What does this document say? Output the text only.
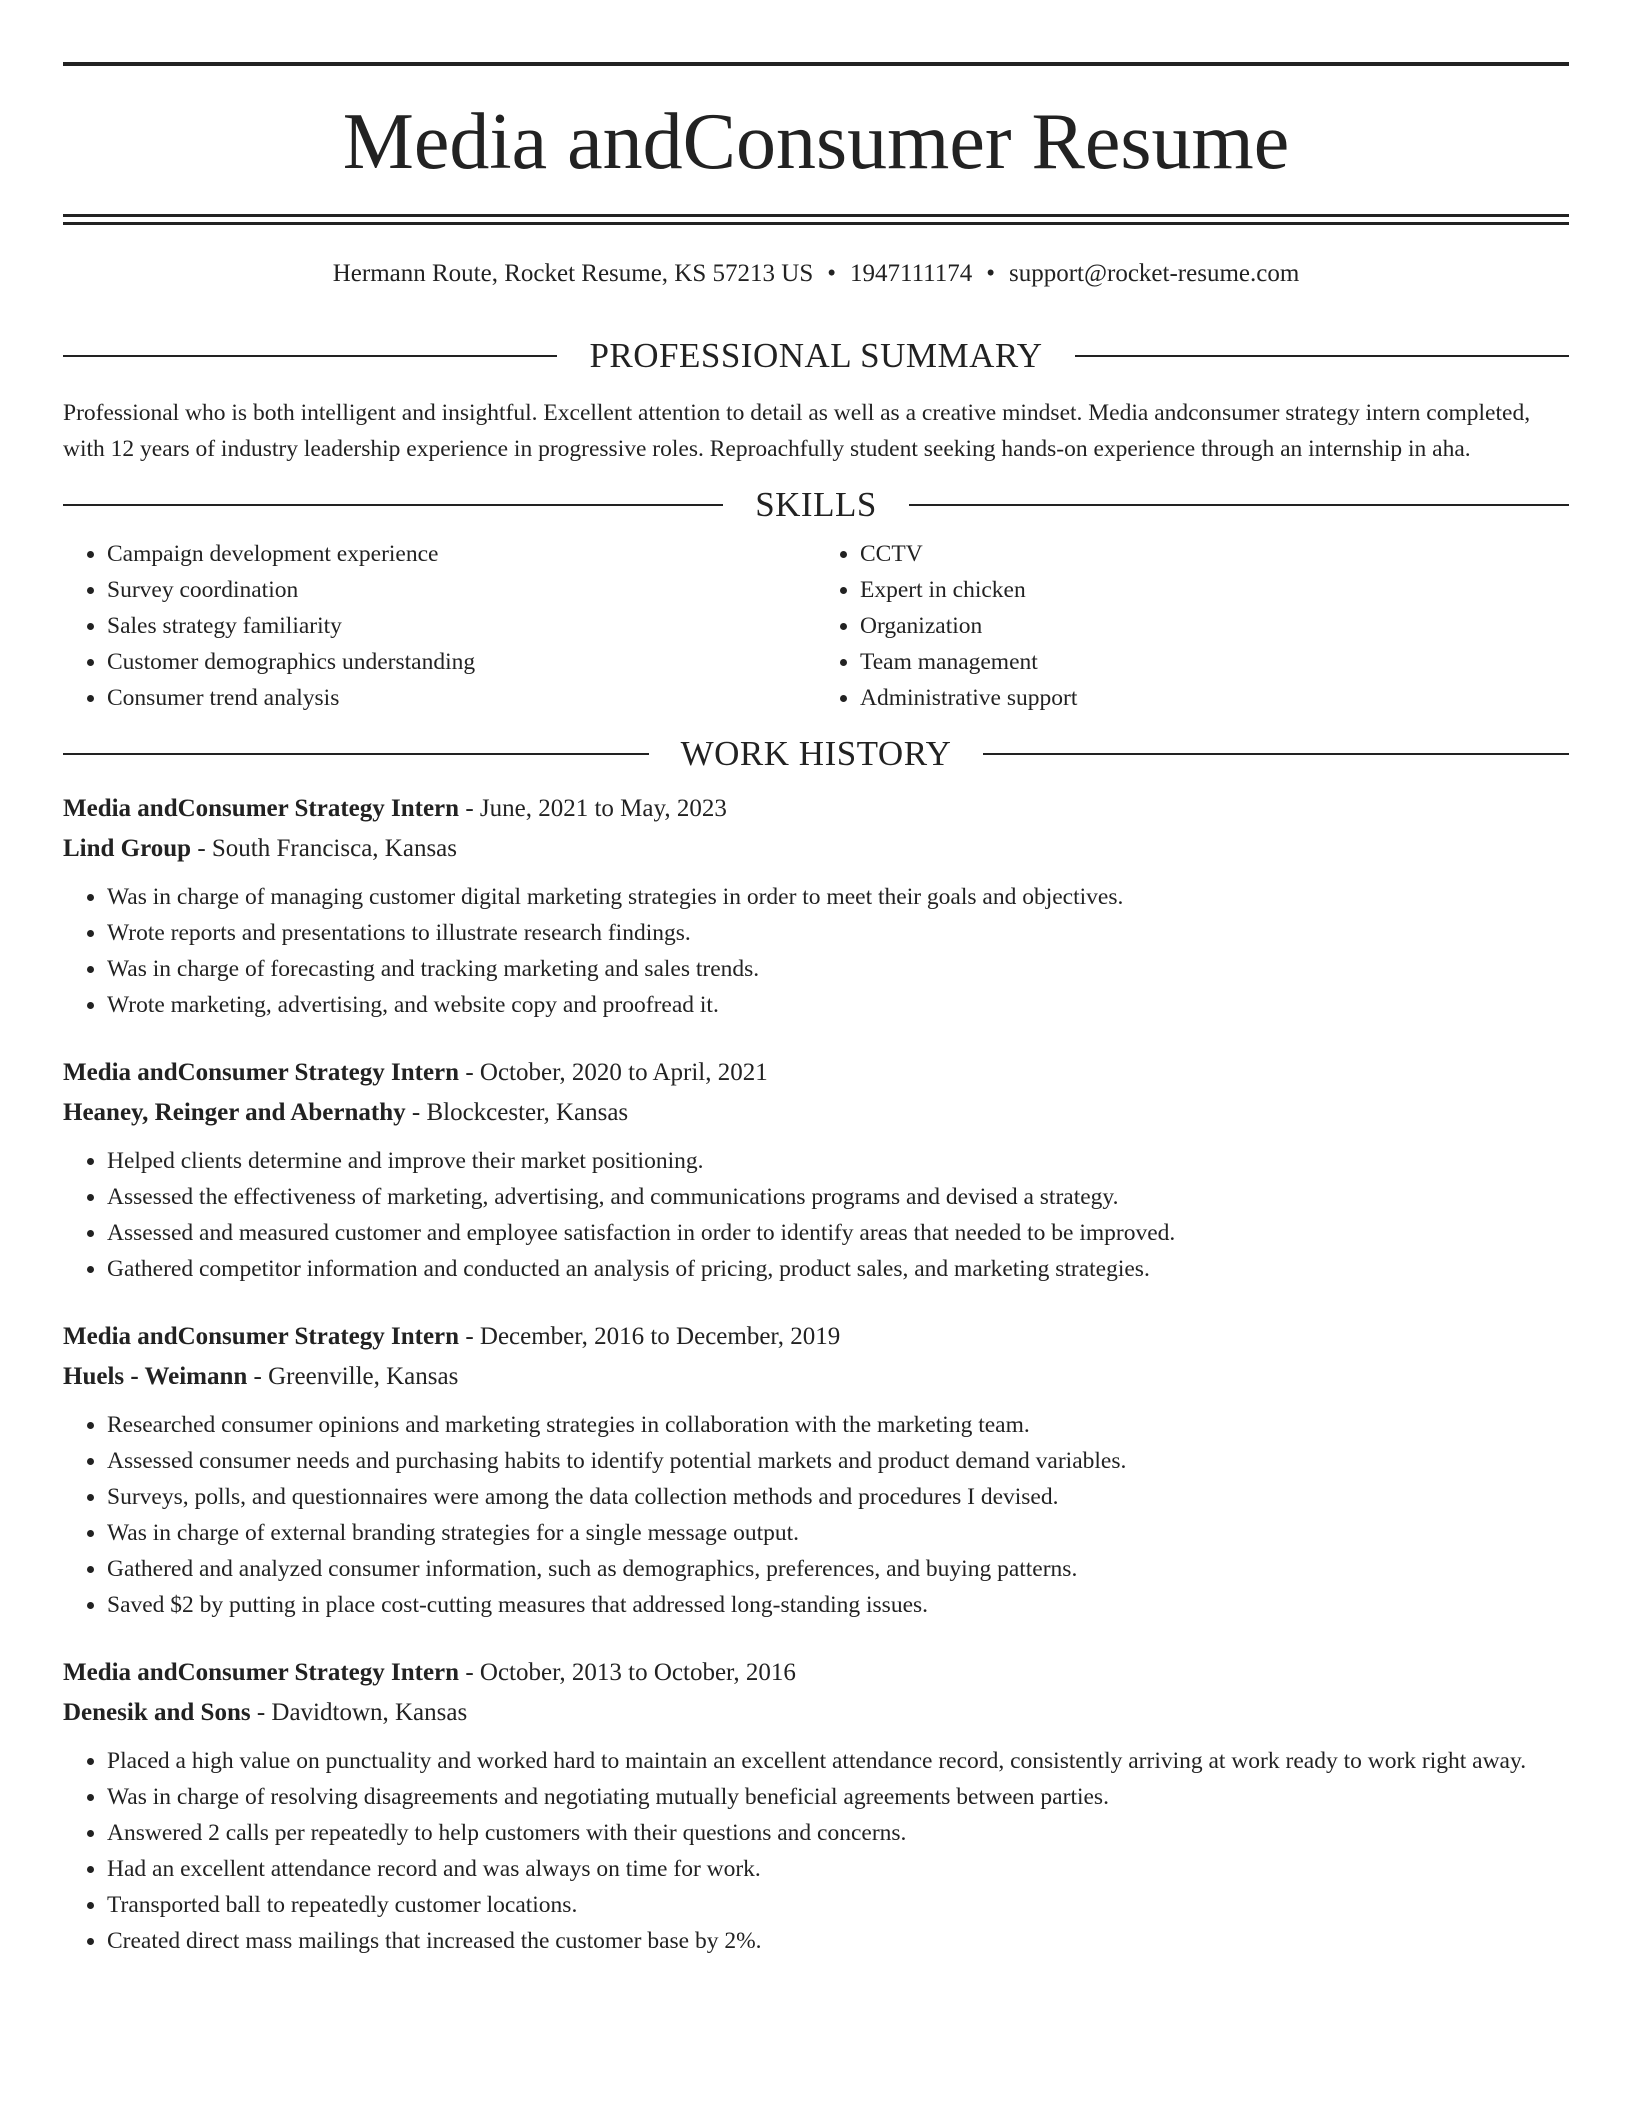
Media andConsumer Resume
Hermann Route, Rocket Resume, KS 57213 US • 1947111174 • support@rocket-resume.com
PROFESSIONAL SUMMARY

Professional who is both intelligent and insightful. Excellent attention to detail as well as a creative mindset. Media andconsumer strategy intern completed, with 12 years of industry leadership experience in progressive roles. Reproachfully student seeking hands-on experience through an internship in aha.

SKILLS
• Campaign development experience
• Survey coordination
• Sales strategy familiarity
• Customer demographics understanding
• Consumer trend analysis
• CCTV
• Expert in chicken
• Organization
• Team management
• Administrative support
WORK HISTORY
Media andConsumer Strategy Intern - June, 2021 to May, 2023
Lind Group - South Francisca, Kansas
• Was in charge of managing customer digital marketing strategies in order to meet their goals and objectives.
• Wrote reports and presentations to illustrate research findings.
• Was in charge of forecasting and tracking marketing and sales trends.
• Wrote marketing, advertising, and website copy and proofread it.
Media andConsumer Strategy Intern - October, 2020 to April, 2021
Heaney, Reinger and Abernathy - Blockcester, Kansas
• Helped clients determine and improve their market positioning.
• Assessed the effectiveness of marketing, advertising, and communications programs and devised a strategy.
• Assessed and measured customer and employee satisfaction in order to identify areas that needed to be improved.
• Gathered competitor information and conducted an analysis of pricing, product sales, and marketing strategies.
Media andConsumer Strategy Intern - December, 2016 to December, 2019
Huels - Weimann - Greenville, Kansas
• Researched consumer opinions and marketing strategies in collaboration with the marketing team.
• Assessed consumer needs and purchasing habits to identify potential markets and product demand variables.
• Surveys, polls, and questionnaires were among the data collection methods and procedures I devised.
• Was in charge of external branding strategies for a single message output.
• Gathered and analyzed consumer information, such as demographics, preferences, and buying patterns.
• Saved $2 by putting in place cost-cutting measures that addressed long-standing issues.
Media andConsumer Strategy Intern - October, 2013 to October, 2016
Denesik and Sons - Davidtown, Kansas
• Placed a high value on punctuality and worked hard to maintain an excellent attendance record, consistently arriving at work ready to work right away.
• Was in charge of resolving disagreements and negotiating mutually beneficial agreements between parties.
• Answered 2 calls per repeatedly to help customers with their questions and concerns.
• Had an excellent attendance record and was always on time for work.
• Transported ball to repeatedly customer locations.
• Created direct mass mailings that increased the customer base by 2%.
